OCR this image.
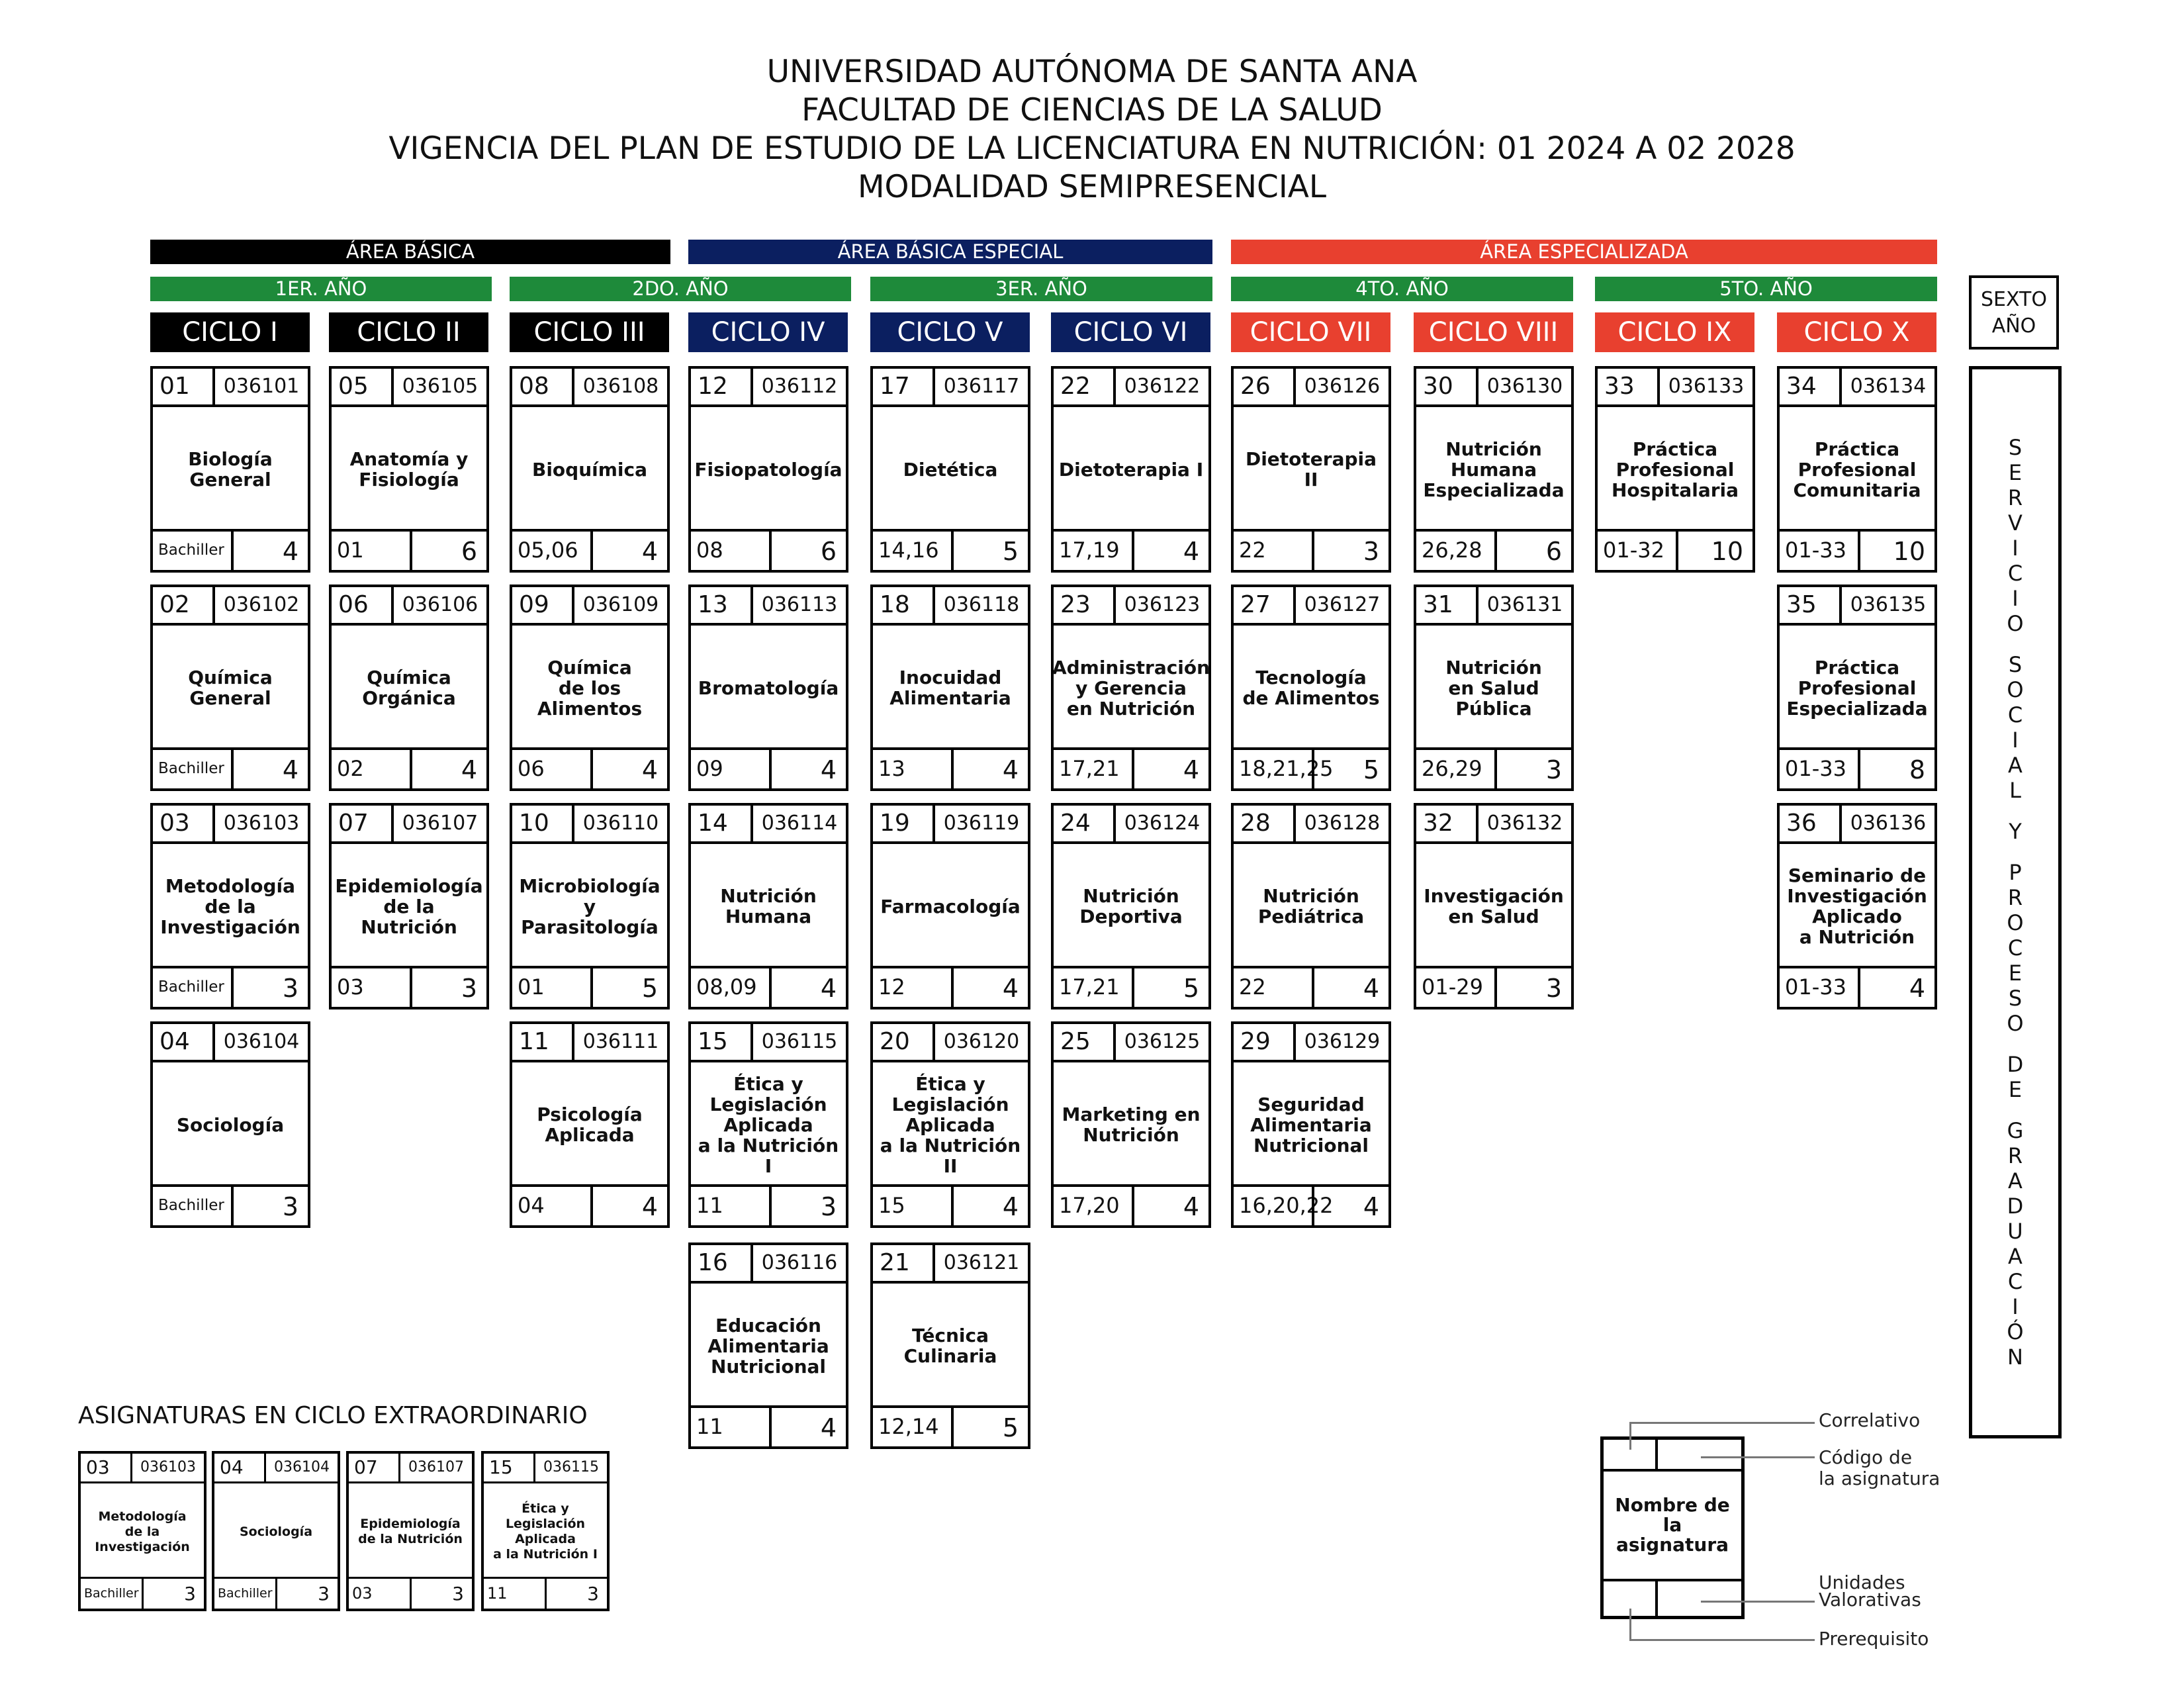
UNIVERSIDAD AUTÓNOMA DE SANTA ANA
FACULTAD DE CIENCIAS DE LA SALUD
VIGENCIA DEL PLAN DE ESTUDIO DE LA LICENCIATURA EN NUTRICIÓN: 01 2024 A 02 2028
MODALIDAD SEMIPRESENCIAL
ÁREA BÁSICA	ÁREA BÁSICA ESPECIAL	ÁREA ESPECIALIZADA
1ER. AÑO	2DO. AÑO	3ER. AÑO	4TO. AÑO	5TO. AÑO
CICLO I	CICLO II	CICLO III	CICLO IV	CICLO V	CICLO VI	CICLO VII	CICLO VIII	CICLO IX	CICLO X
SEXTO
AÑO
S
E
R
V
I
C
I
O
S
O
C
I
A
L
Y
P
R
O
C
E
S
O
D
E
G
R
A
D
U
A
C
I
Ó
N
01	036101
Biología
General
Bachiller	4
02	036102
Química
General
Bachiller	4
03	036103
Metodología
de la
Investigación
Bachiller	3
04	036104
Sociología
Bachiller	3
05	036105
Anatomía y
Fisiología
01	6
06	036106
Química
Orgánica
02	4
07	036107
Epidemiología
de la Nutrición
03	3
08	036108
Bioquímica
05,06	4
09	036109
Química
de los
Alimentos
06	4
10	036110
Microbiología
y
Parasitología
01	5
11	036111
Psicología
Aplicada
04	4
12	036112
Fisiopatología
08	6
13	036113
Bromatología
09	4
14	036114
Nutrición
Humana
08,09	4
15	036115
Ética y
Legislación
Aplicada
a la Nutrición I
11	3
16	036116
Educación
Alimentaria
Nutricional
11	4
17	036117
Dietética
14,16	5
18	036118
Inocuidad
Alimentaria
13	4
19	036119
Farmacología
12	4
20	036120
Ética y
Legislación
Aplicada
a la Nutrición II
15	4
21	036121
Técnica
Culinaria
12,14	5
22	036122
Dietoterapia I
17,19	4
23	036123
Administración
y Gerencia
en Nutrición
17,21	4
24	036124
Nutrición
Deportiva
17,21	5
25	036125
Marketing en
Nutrición
17,20	4
26	036126
Dietoterapia II
22	3
27	036127
Tecnología
de Alimentos
18,21,25	5
28	036128
Nutrición
Pediátrica
22	4
29	036129
Seguridad
Alimentaria
Nutricional
16,20,22	4
30	036130
Nutrición
Humana
Especializada
26,28	6
31	036131
Nutrición
en Salud
Pública
26,29	3
32	036132
Investigación
en Salud
01-29	3
33	036133
Práctica
Profesional
Hospitalaria
01-32	10
34	036134
Práctica
Profesional
Comunitaria
01-33	10
35	036135
Práctica
Profesional
Especializada
01-33	8
36	036136
Seminario de
Investigación
Aplicado
a Nutrición
01-33	4
ASIGNATURAS EN CICLO EXTRAORDINARIO
03	036103
Metodología
de la
Investigación
Bachiller	3
04	036104
Sociología
Bachiller	3
07	036107
Epidemiología
de la Nutrición
03	3
15	036115
Ética y
Legislación
Aplicada
a la Nutrición I
11	3
Nombre de la
asignatura
Correlativo
Código de
la asignatura
Unidades
Valorativas
Prerequisito
